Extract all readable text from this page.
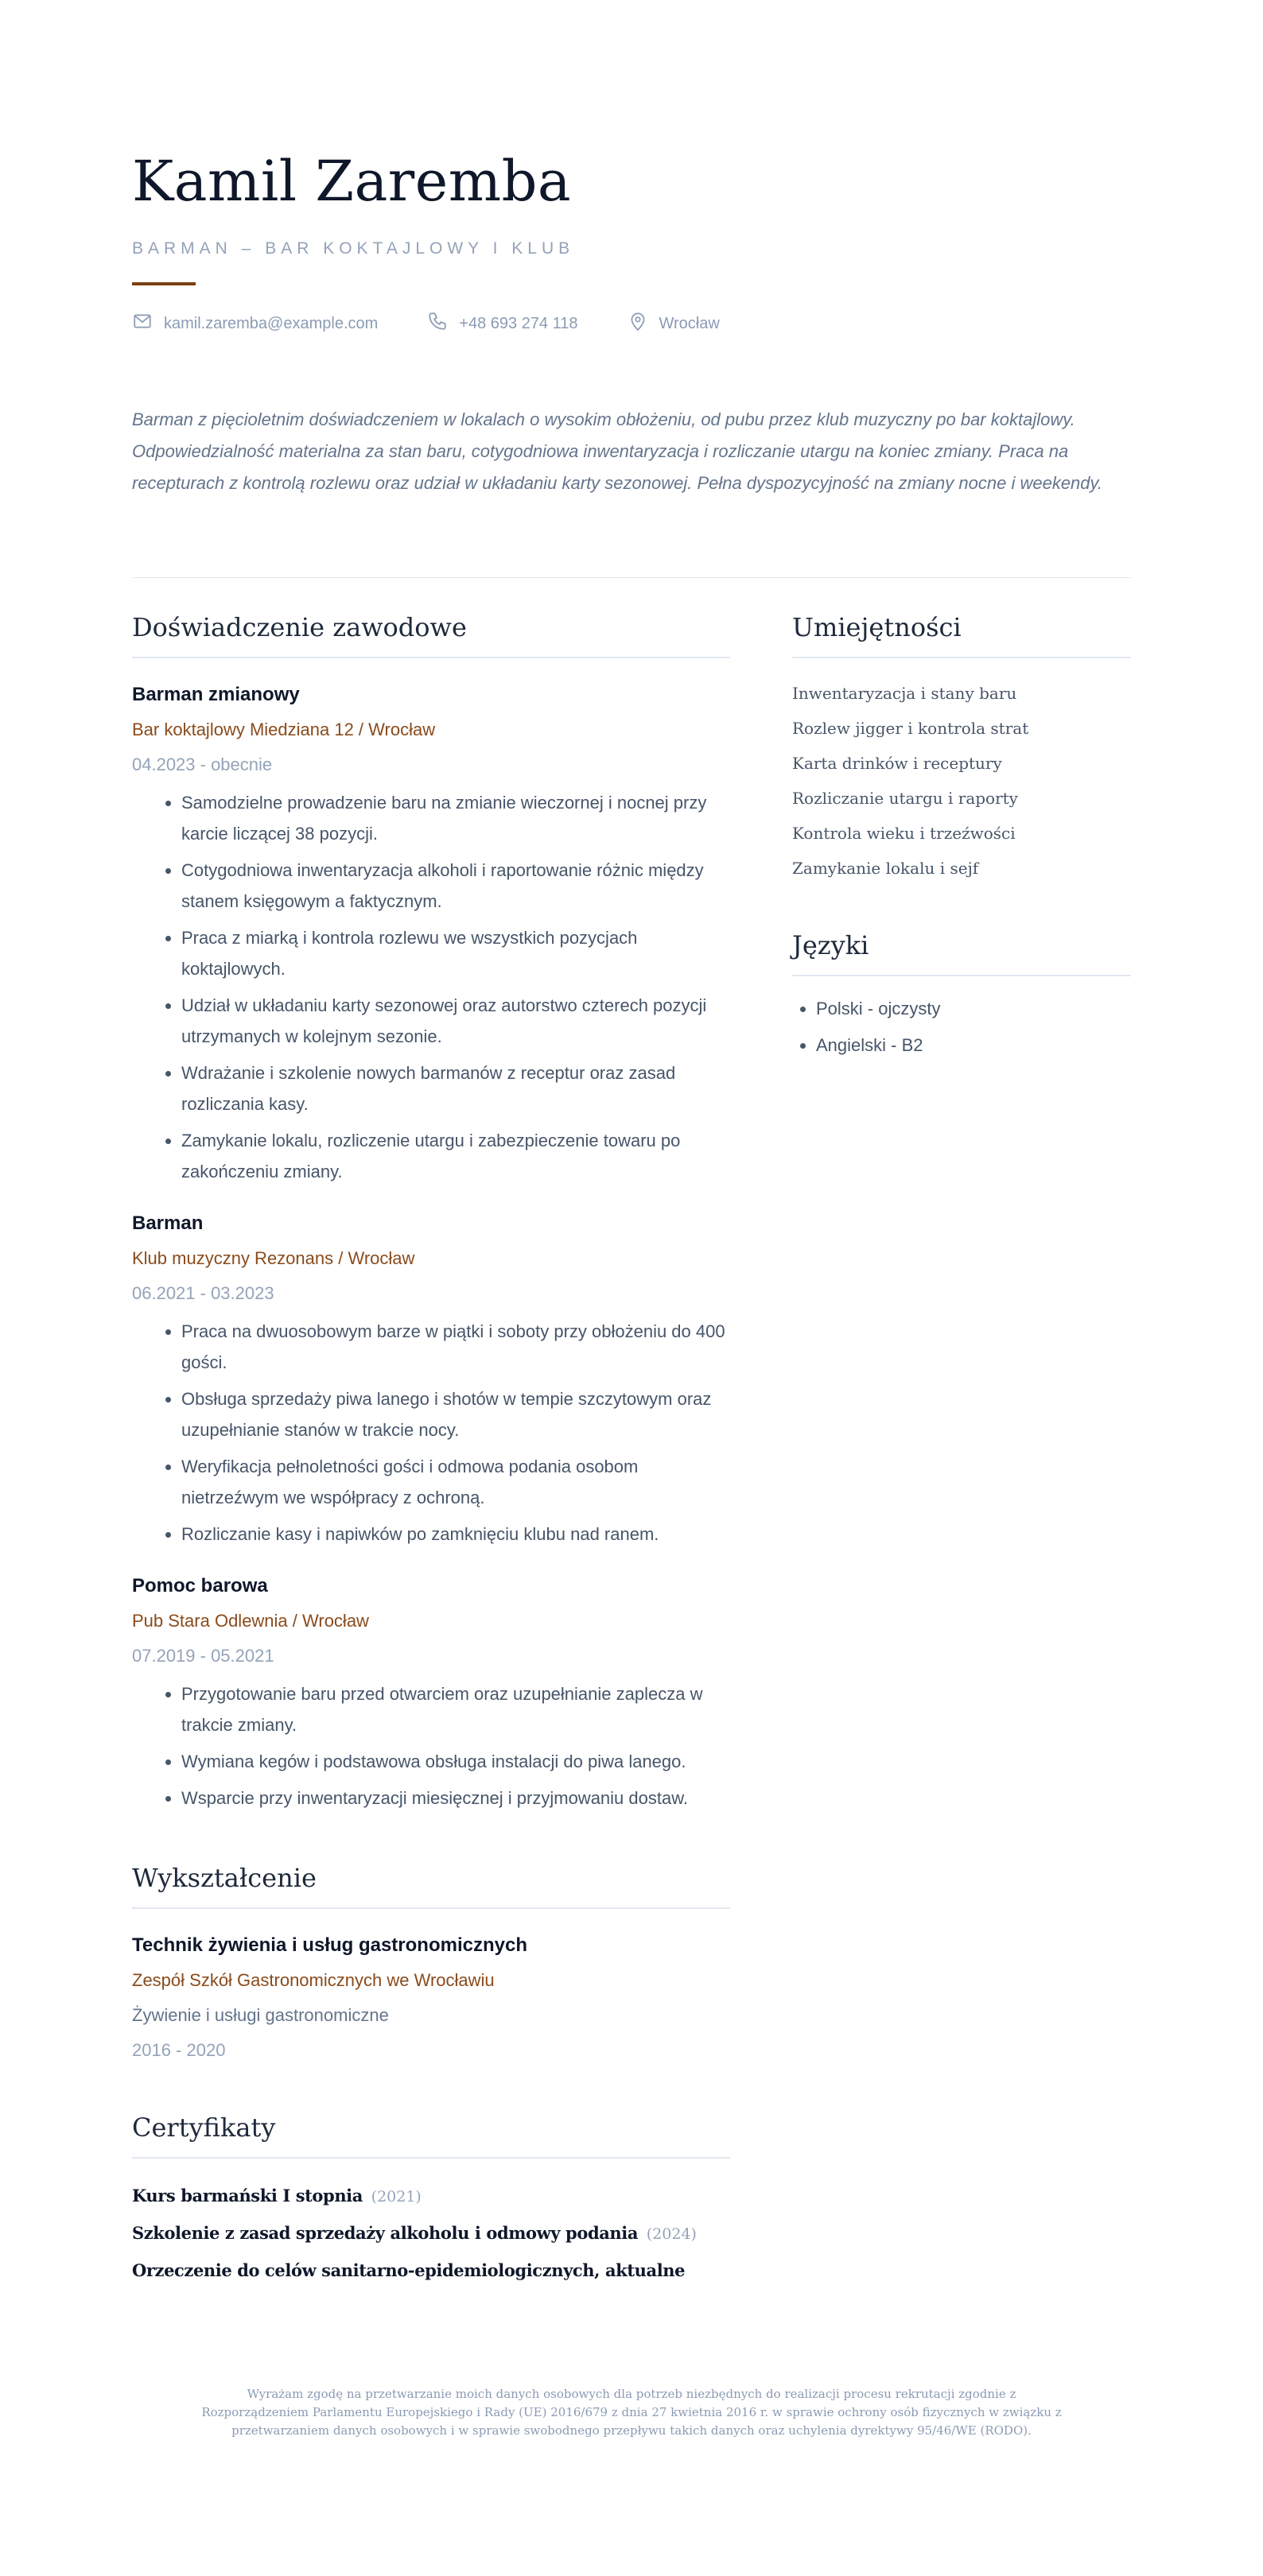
Kamil Zaremba
BARMAN – BAR KOKTAJLOWY I KLUB
kamil.zaremba@example.com	+48 693 274 118	Wrocław
Barman z pięcioletnim doświadczeniem w lokalach o wysokim obłożeniu, od pubu przez klub muzyczny po bar koktajlowy. Odpowiedzialność materialna za stan baru, cotygodniowa inwentaryzacja i rozliczanie utargu na koniec zmiany. Praca na recepturach z kontrolą rozlewu oraz udział w układaniu karty sezonowej. Pełna dyspozycyjność na zmiany nocne i weekendy.
Doświadczenie zawodowe
Barman zmianowy
Bar koktajlowy Miedziana 12 / Wrocław
04.2023 - obecnie
• Samodzielne prowadzenie baru na zmianie wieczornej i nocnej przy karcie liczącej 38 pozycji.
• Cotygodniowa inwentaryzacja alkoholi i raportowanie różnic między stanem księgowym a faktycznym.
• Praca z miarką i kontrola rozlewu we wszystkich pozycjach koktajlowych.
• Udział w układaniu karty sezonowej oraz autorstwo czterech pozycji utrzymanych w kolejnym sezonie.
• Wdrażanie i szkolenie nowych barmanów z receptur oraz zasad rozliczania kasy.
• Zamykanie lokalu, rozliczenie utargu i zabezpieczenie towaru po zakończeniu zmiany.
Barman
Klub muzyczny Rezonans / Wrocław
06.2021 - 03.2023
• Praca na dwuosobowym barze w piątki i soboty przy obłożeniu do 400 gości.
• Obsługa sprzedaży piwa lanego i shotów w tempie szczytowym oraz uzupełnianie stanów w trakcie nocy.
• Weryfikacja pełnoletności gości i odmowa podania osobom nietrzeźwym we współpracy z ochroną.
• Rozliczanie kasy i napiwków po zamknięciu klubu nad ranem.
Pomoc barowa
Pub Stara Odlewnia / Wrocław
07.2019 - 05.2021
• Przygotowanie baru przed otwarciem oraz uzupełnianie zaplecza w trakcie zmiany.
• Wymiana kegów i podstawowa obsługa instalacji do piwa lanego.
• Wsparcie przy inwentaryzacji miesięcznej i przyjmowaniu dostaw.
Wykształcenie
Technik żywienia i usług gastronomicznych
Zespół Szkół Gastronomicznych we Wrocławiu
Żywienie i usługi gastronomiczne
2016 - 2020
Certyfikaty
Kurs barmański I stopnia (2021)
Szkolenie z zasad sprzedaży alkoholu i odmowy podania (2024)
Orzeczenie do celów sanitarno-epidemiologicznych, aktualne
Umiejętności
Inwentaryzacja i stany baru
Rozlew jigger i kontrola strat
Karta drinków i receptury
Rozliczanie utargu i raporty
Kontrola wieku i trzeźwości
Zamykanie lokalu i sejf
Języki
• Polski - ojczysty
• Angielski - B2
Wyrażam zgodę na przetwarzanie moich danych osobowych dla potrzeb niezbędnych do realizacji procesu rekrutacji zgodnie z Rozporządzeniem Parlamentu Europejskiego i Rady (UE) 2016/679 z dnia 27 kwietnia 2016 r. w sprawie ochrony osób fizycznych w związku z przetwarzaniem danych osobowych i w sprawie swobodnego przepływu takich danych oraz uchylenia dyrektywy 95/46/WE (RODO).
